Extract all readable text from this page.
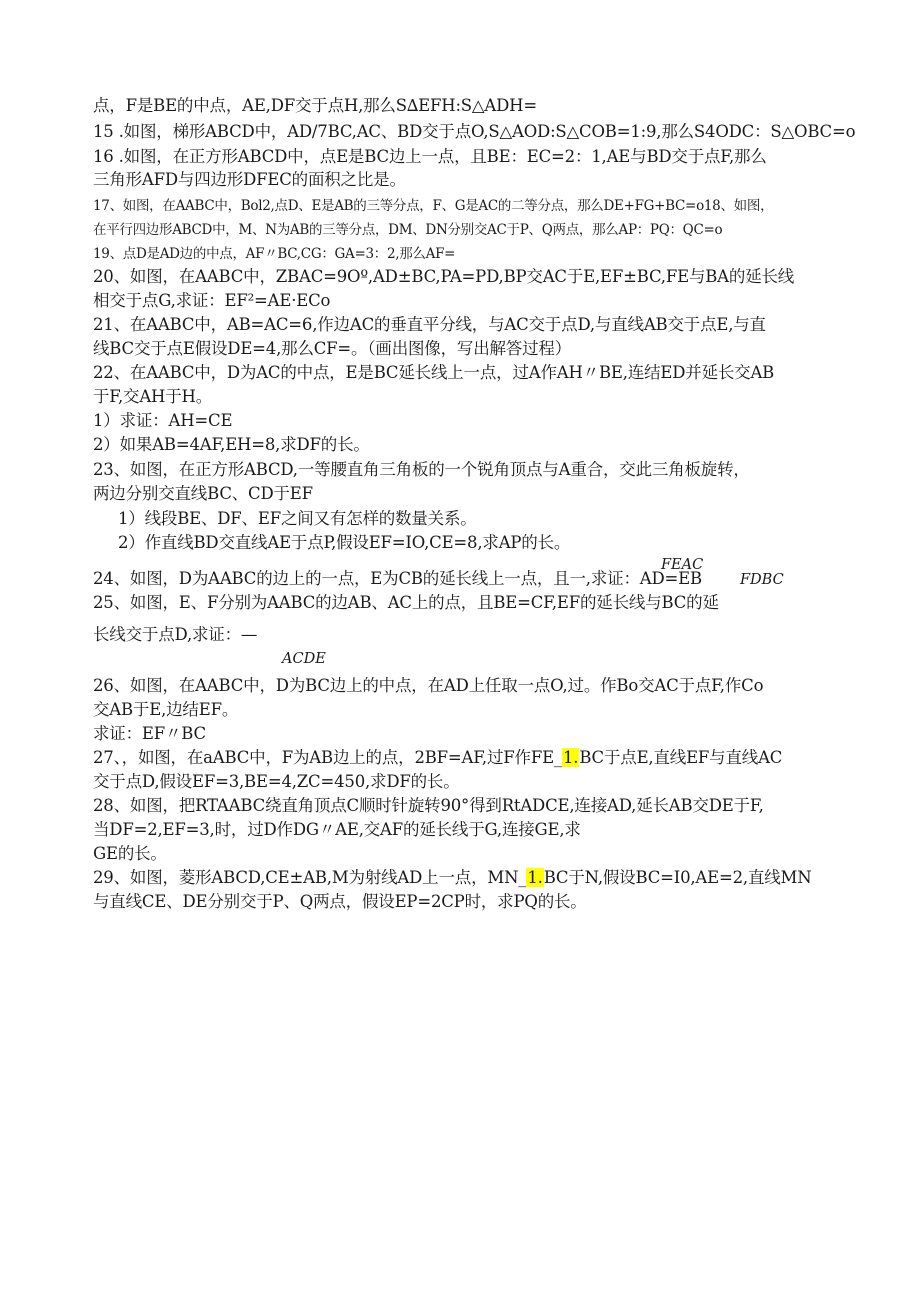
点，F是BE的中点，AE,DF交于点H,那么S∆EFH:S△ADH=
15 .如图，梯形ABCD中，AD/7BC,AC、BD交于点O,S△AOD:S△COB=1:9,那么S4ODC：S△OBC=o
16 .如图，在正方形ABCD中，点E是BC边上一点，且BE：EC=2：1,AE与BD交于点F,那么
三角形AFD与四边形DFEC的面积之比是。
17、如图，在AABC中，Bol2,点D、E是AB的三等分点，F、G是AC的二等分点，那么DE+FG+BC=o18、如图，
在平行四边形ABCD中，M、N为AB的三等分点，DM、DN分别交AC于P、Q两点，那么AP：PQ：QC=o
19、点D是AD边的中点，AF〃BC,CG：GA=3：2,那么AF=
20、如图，在AABC中，ZBAC=9Oº,AD±BC,PA=PD,BP交AC于E,EF±BC,FE与BA的延长线
相交于点G,求证：EF²=AE·ECo
21、在AABC中，AB=AC=6,作边AC的垂直平分线，与AC交于点D,与直线AB交于点E,与直
线BC交于点E假设DE=4,那么CF=。（画出图像，写出解答过程）
22、在AABC中，D为AC的中点，E是BC延长线上一点，过A作AH〃BE,连结ED并延长交AB
于F,交AH于H。
1）求证：AH=CE
2）如果AB=4AF,EH=8,求DF的长。
23、如图，在正方形ABCD,一等腰直角三角板的一个锐角顶点与A重合，交此三角板旋转，
两边分别交直线BC、CD于EF
1）线段BE、DF、EF之间又有怎样的数量关系。
2）作直线BD交直线AE于点P,假设EF=IO,CE=8,求AP的长。
FEAC
24、如图，D为AABC的边上的一点，E为CB的延长线上一点，且一,求证：AD=EB	FDBC
25、如图，E、F分别为AABC的边AB、AC上的点，且BE=CF,EF的延长线与BC的延
长线交于点D,求证：—
ACDE
26、如图，在AABC中，D为BC边上的中点，在AD上任取一点O,过。作Bo交AC于点F,作Co
交AB于E,边结EF。
求证：EF〃BC
27、，如图，在aABC中，F为AB边上的点，2BF=AF,过F作FE_1.BC于点E,直线EF与直线AC
交于点D,假设EF=3,BE=4,ZC=450,求DF的长。
28、如图，把RTAABC绕直角顶点C顺时针旋转90°得到RtADCE,连接AD,延长AB交DE于F,
当DF=2,EF=3,时，过D作DG〃AE,交AF的延长线于G,连接GE,求
GE的长。
29、如图，菱形ABCD,CE±AB,M为射线AD上一点，MN_1.BC于N,假设BC=I0,AE=2,直线MN
与直线CE、DE分别交于P、Q两点，假设EP=2CP时，求PQ的长。
